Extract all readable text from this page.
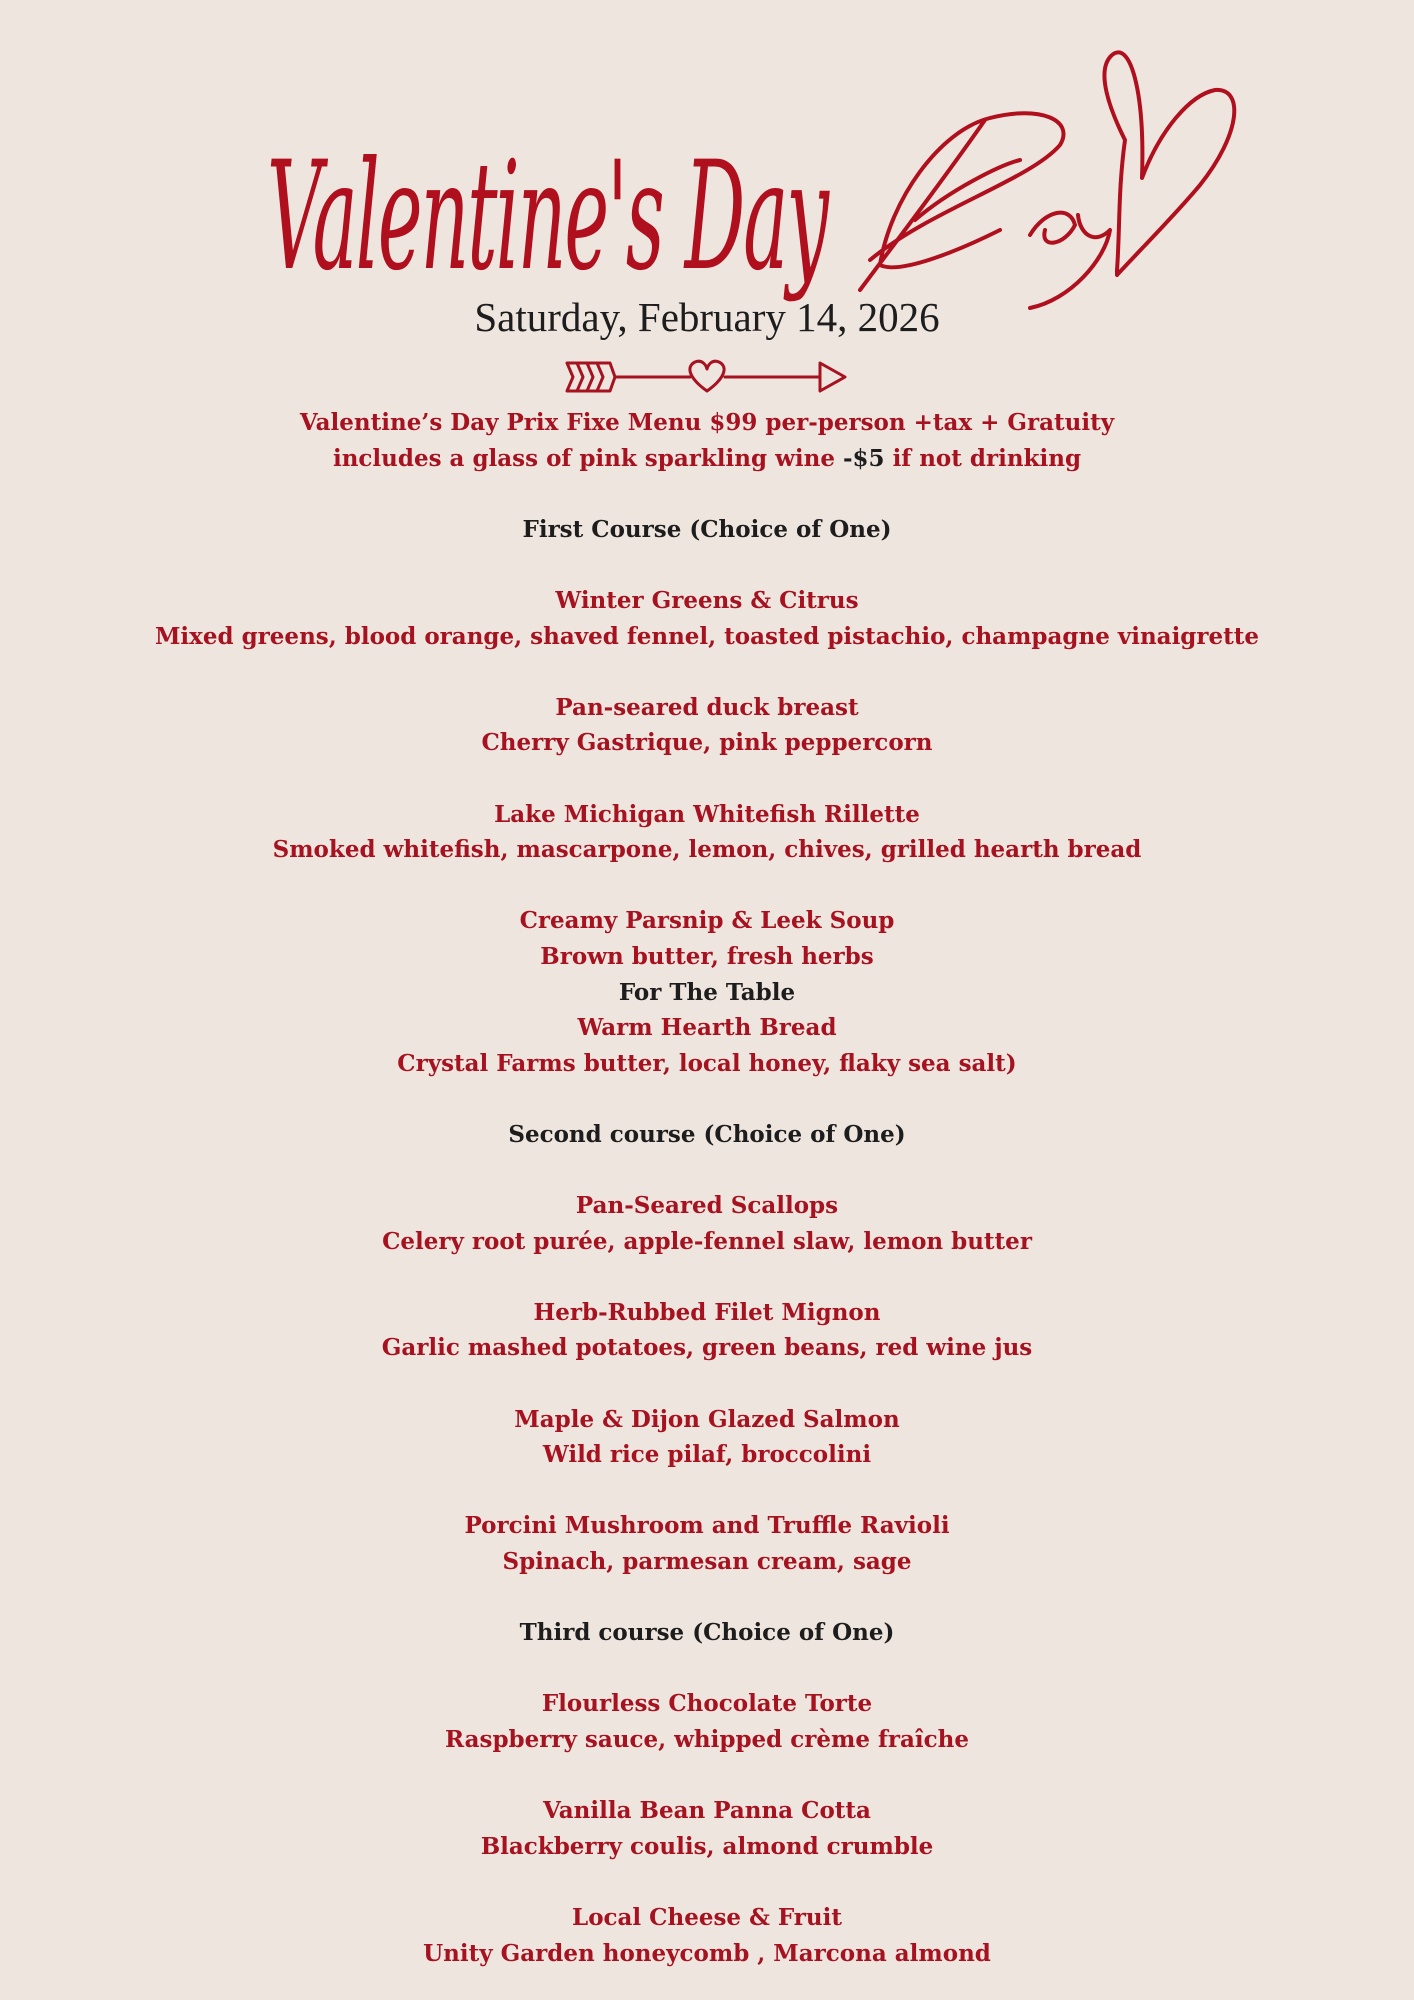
Valentine's Day
Saturday, February 14, 2026
Valentine’s Day Prix Fixe Menu $99 per-person +tax + Gratuity
includes a glass of pink sparkling wine -$5 if not drinking
First Course (Choice of One)
Winter Greens & Citrus
Mixed greens, blood orange, shaved fennel, toasted pistachio, champagne vinaigrette
Pan-seared duck breast
Cherry Gastrique, pink peppercorn
Lake Michigan Whitefish Rillette
Smoked whitefish, mascarpone, lemon, chives, grilled hearth bread
Creamy Parsnip & Leek Soup
Brown butter, fresh herbs
For The Table
Warm Hearth Bread
Crystal Farms butter, local honey, flaky sea salt)
Second course (Choice of One)
Pan-Seared Scallops
Celery root purée, apple-fennel slaw, lemon butter
Herb-Rubbed Filet Mignon
Garlic mashed potatoes, green beans, red wine jus
Maple & Dijon Glazed Salmon
Wild rice pilaf, broccolini
Porcini Mushroom and Truffle Ravioli
Spinach, parmesan cream, sage
Third course (Choice of One)
Flourless Chocolate Torte
Raspberry sauce, whipped crème fraîche
Vanilla Bean Panna Cotta
Blackberry coulis, almond crumble
Local Cheese & Fruit
Unity Garden honeycomb , Marcona almond
